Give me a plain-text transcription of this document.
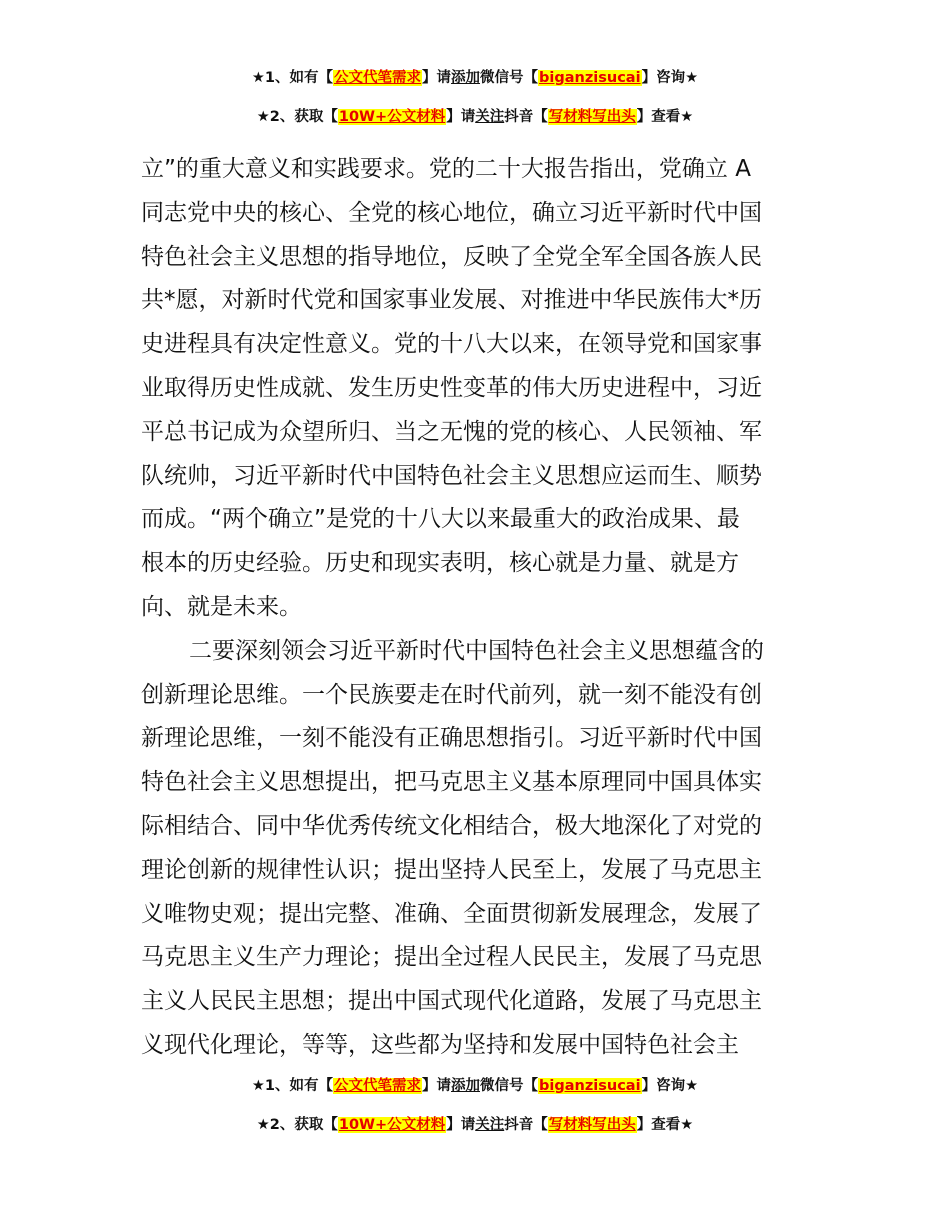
★1、如有【公文代笔需求】请添加微信号【biganzisucai】咨询★
★2、获取【10W+公文材料】请关注抖音【写材料写出头】查看★
立”的重大意义和实践要求。党的二十大报告指出，党确立 A
同志党中央的核心、全党的核心地位，确立习近平新时代中国
特色社会主义思想的指导地位，反映了全党全军全国各族人民
共*愿，对新时代党和国家事业发展、对推进中华民族伟大*历
史进程具有决定性意义。党的十八大以来，在领导党和国家事
业取得历史性成就、发生历史性变革的伟大历史进程中，习近
平总书记成为众望所归、当之无愧的党的核心、人民领袖、军
队统帅，习近平新时代中国特色社会主义思想应运而生、顺势
而成。“两个确立”是党的十八大以来最重大的政治成果、最
根本的历史经验。历史和现实表明，核心就是力量、就是方
向、就是未来。
二要深刻领会习近平新时代中国特色社会主义思想蕴含的
创新理论思维。一个民族要走在时代前列，就一刻不能没有创
新理论思维，一刻不能没有正确思想指引。习近平新时代中国
特色社会主义思想提出，把马克思主义基本原理同中国具体实
际相结合、同中华优秀传统文化相结合，极大地深化了对党的
理论创新的规律性认识；提出坚持人民至上，发展了马克思主
义唯物史观；提出完整、准确、全面贯彻新发展理念，发展了
马克思主义生产力理论；提出全过程人民民主，发展了马克思
主义人民民主思想；提出中国式现代化道路，发展了马克思主
义现代化理论，等等，这些都为坚持和发展中国特色社会主
★1、如有【公文代笔需求】请添加微信号【biganzisucai】咨询★
★2、获取【10W+公文材料】请关注抖音【写材料写出头】查看★
